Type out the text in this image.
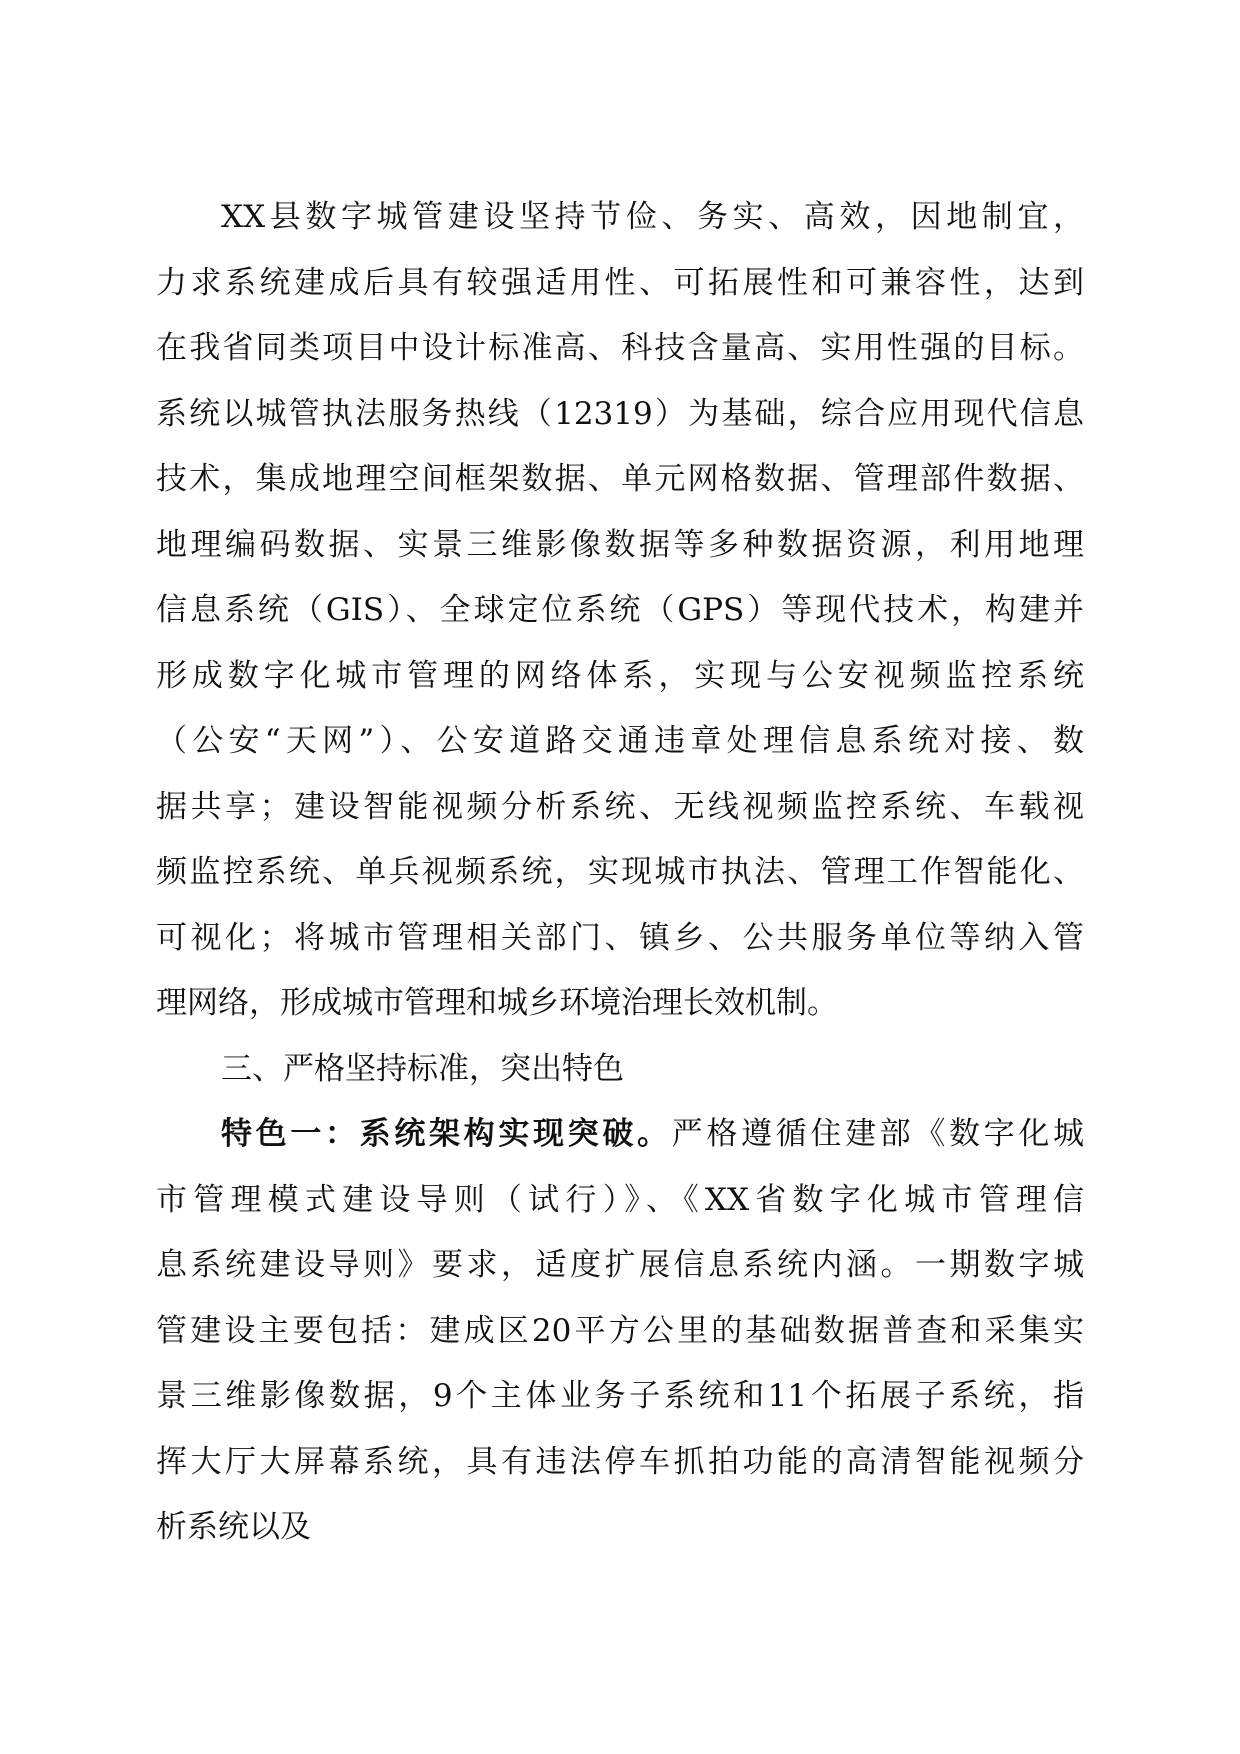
XX县数字城管建设坚持节俭、务实、高效，因地制宜，
力求系统建成后具有较强适用性、可拓展性和可兼容性，达到
在我省同类项目中设计标准高、科技含量高、实用性强的目标。
系统以城管执法服务热线（12319）为基础，综合应用现代信息
技术，集成地理空间框架数据、单元网格数据、管理部件数据、
地理编码数据、实景三维影像数据等多种数据资源，利用地理
信息系统（GIS）、全球定位系统（GPS）等现代技术，构建并
形成数字化城市管理的网络体系，实现与公安视频监控系统
（公安“天网”）、公安道路交通违章处理信息系统对接、数
据共享；建设智能视频分析系统、无线视频监控系统、车载视
频监控系统、单兵视频系统，实现城市执法、管理工作智能化、
可视化；将城市管理相关部门、镇乡、公共服务单位等纳入管
理网络，形成城市管理和城乡环境治理长效机制。
三、严格坚持标准，突出特色
特色一：系统架构实现突破。严格遵循住建部《数字化城
市管理模式建设导则（试行）》、《XX省数字化城市管理信
息系统建设导则》要求，适度扩展信息系统内涵。一期数字城
管建设主要包括：建成区20平方公里的基础数据普查和采集实
景三维影像数据，9个主体业务子系统和11个拓展子系统，指
挥大厅大屏幕系统，具有违法停车抓拍功能的高清智能视频分
析系统以及
